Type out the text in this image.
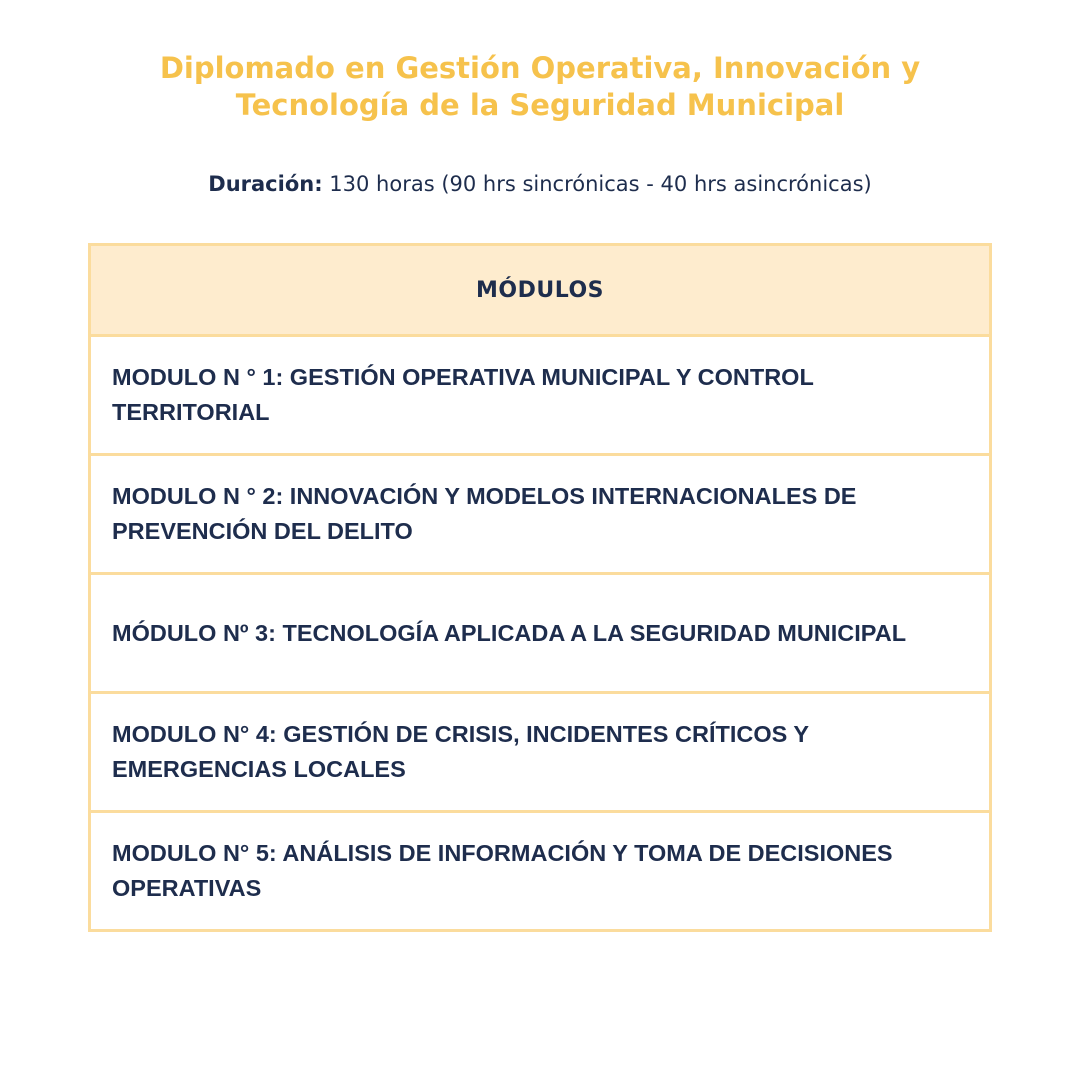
Diplomado en Gestión Operativa, Innovación y
Tecnología de la Seguridad Municipal

Duración: 130 horas (90 hrs sincrónicas - 40 hrs asincrónicas)

MÓDULOS
MODULO N ° 1: GESTIÓN OPERATIVA MUNICIPAL Y CONTROL TERRITORIAL
MODULO N ° 2: INNOVACIÓN Y MODELOS INTERNACIONALES DE PREVENCIÓN DEL DELITO
MÓDULO Nº 3: TECNOLOGÍA APLICADA A LA SEGURIDAD MUNICIPAL
MODULO N° 4: GESTIÓN DE CRISIS, INCIDENTES CRÍTICOS Y EMERGENCIAS LOCALES
MODULO N° 5: ANÁLISIS DE INFORMACIÓN Y TOMA DE DECISIONES OPERATIVAS
